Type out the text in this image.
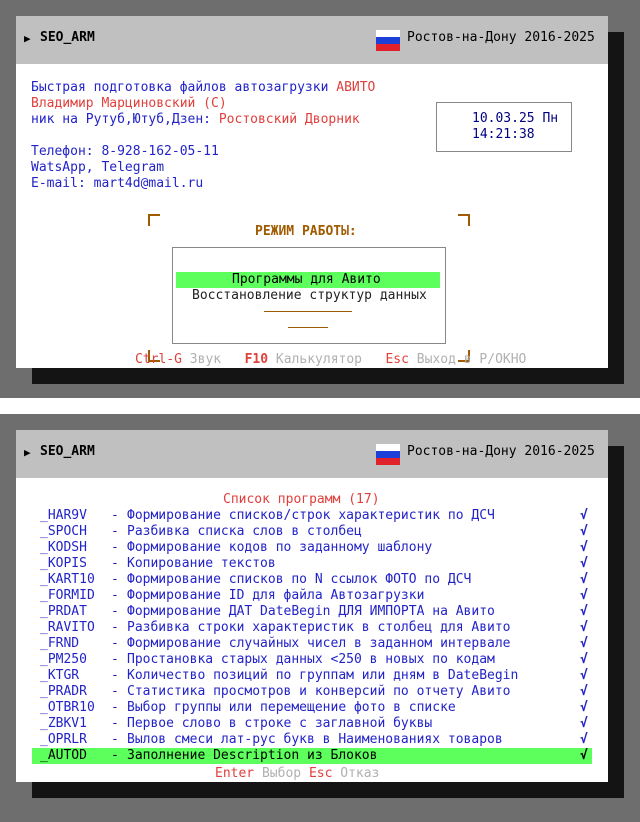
▶ SEO_ARM	Ростов-на-Дону 2016-2025
Быстрая подготовка файлов автозагрузки АВИТО
Владимир Марциновский (С)
ник на Рутуб,Ютуб,Дзен: Ростовский Дворник
Телефон: 8-928-162-05-11
WatsApp, Telegram
E-mail: mart4d@mail.ru
10.03.25 Пн
14:21:38
РЕЖИМ РАБОТЫ:
Программы для Авито
Восстановление структур данных
Ctrl-G Звук F10 Калькулятор Esc Выход в Р/ОКНО
▶ SEO_ARM	Ростов-на-Дону 2016-2025
Список программ (17)
_HAR9V - Формирование списков/строк характеристик по ДСЧ	√
_SPOCH - Разбивка списка слов в столбец	√
_KODSH - Формирование кодов по заданному шаблону	√
_KOPIS - Копирование текстов	√
_KART10 - Формирование списков по N ссылок ФОТО по ДСЧ	√
_FORMID - Формирование ID для файла Автозагрузки	√
_PRDAT - Формирование ДАТ DateBegin ДЛЯ ИМПОРТА на Авито	√
_RAVITO - Разбивка строки характеристик в столбец для Авито	√
_FRND - Формирование случайных чисел в заданном интервале	√
_PM250 - Простановка старых данных <250 в новых по кодам	√
_KTGR - Количество позиций по группам или дням в DateBegin	√
_PRADR - Статистика просмотров и конверсий по отчету Авито	√
_OTBR10 - Выбор группы или перемещение фото в списке	√
_ZBKV1 - Первое слово в строке с заглавной буквы	√
_OPRLR - Вылов смеси лат-рус букв в Наименованиях товаров	√
_AUTOD - Заполнение Description из Блоков	√
Enter Выбор Esc Отказ
